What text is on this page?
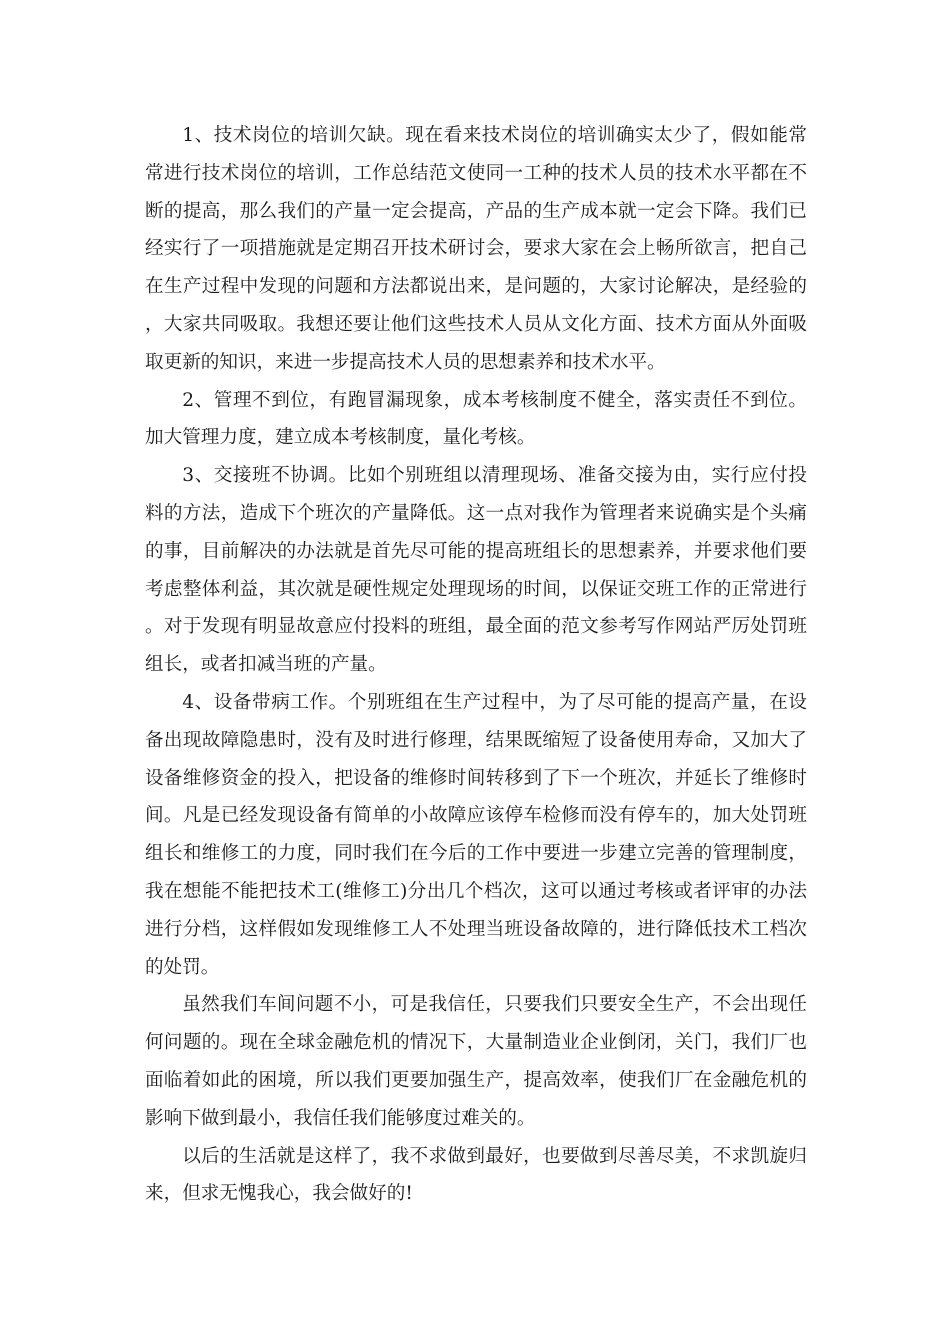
1、技术岗位的培训欠缺。现在看来技术岗位的培训确实太少了，假如能常常进行技术岗位的培训，工作总结范文使同一工种的技术人员的技术水平都在不断的提高，那么我们的产量一定会提高，产品的生产成本就一定会下降。我们已经实行了一项措施就是定期召开技术研讨会，要求大家在会上畅所欲言，把自己在生产过程中发现的问题和方法都说出来，是问题的，大家讨论解决，是经验的，大家共同吸取。我想还要让他们这些技术人员从文化方面、技术方面从外面吸取更新的知识，来进一步提高技术人员的思想素养和技术水平。

2、管理不到位，有跑冒漏现象，成本考核制度不健全，落实责任不到位。加大管理力度，建立成本考核制度，量化考核。

3、交接班不协调。比如个别班组以清理现场、准备交接为由，实行应付投料的方法，造成下个班次的产量降低。这一点对我作为管理者来说确实是个头痛的事，目前解决的办法就是首先尽可能的提高班组长的思想素养，并要求他们要考虑整体利益，其次就是硬性规定处理现场的时间，以保证交班工作的正常进行。对于发现有明显故意应付投料的班组，最全面的范文参考写作网站严厉处罚班组长，或者扣减当班的产量。

4、设备带病工作。个别班组在生产过程中，为了尽可能的提高产量，在设备出现故障隐患时，没有及时进行修理，结果既缩短了设备使用寿命，又加大了设备维修资金的投入，把设备的维修时间转移到了下一个班次，并延长了维修时间。凡是已经发现设备有简单的小故障应该停车检修而没有停车的，加大处罚班组长和维修工的力度，同时我们在今后的工作中要进一步建立完善的管理制度，我在想能不能把技术工(维修工)分出几个档次，这可以通过考核或者评审的办法进行分档，这样假如发现维修工人不处理当班设备故障的，进行降低技术工档次的处罚。

虽然我们车间问题不小，可是我信任，只要我们只要安全生产，不会出现任何问题的。现在全球金融危机的情况下，大量制造业企业倒闭，关门，我们厂也面临着如此的困境，所以我们更要加强生产，提高效率，使我们厂在金融危机的影响下做到最小，我信任我们能够度过难关的。

以后的生活就是这样了，我不求做到最好，也要做到尽善尽美，不求凯旋归来，但求无愧我心，我会做好的!
